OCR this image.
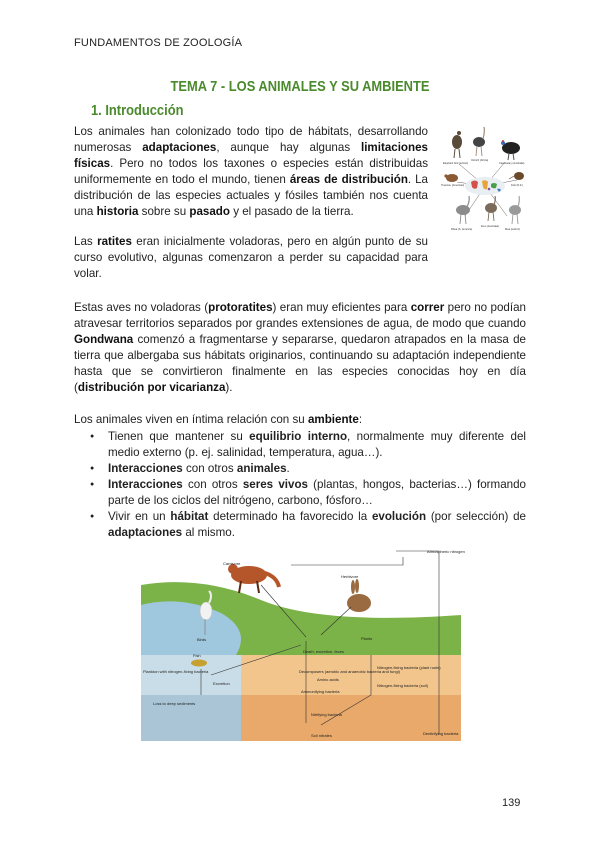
FUNDAMENTOS DE ZOOLOGÍA
TEMA 7 - LOS ANIMALES Y SU AMBIENTE
1. Introducción
Los animales han colonizado todo tipo de hábitats, desarrollando numerosas adaptaciones, aunque hay algunas limitaciones físicas. Pero no todos los taxones o especies están distribuidas uniformemente en todo el mundo, tienen áreas de distribución. La distribución de las especies actuales y fósiles también nos cuenta una historia sobre su pasado y el pasado de la tierra.
Las ratites eran inicialmente voladoras, pero en algún punto de su curso evolutivo, algunas comenzaron a perder su capacidad para volar.
Estas aves no voladoras (protoratites) eran muy eficientes para correr pero no podían atravesar territorios separados por grandes extensiones de agua, de modo que cuando Gondwana comenzó a fragmentarse y separarse, quedaron atrapados en la masa de tierra que albergaba sus hábitats originarios, continuando su adaptación independiente hasta que se convirtieron finalmente en las especies conocidas hoy en día (distribución por vicarianza).
Los animales viven en íntima relación con su ambiente:
● Tienen que mantener su equilibrio interno, normalmente muy diferente del medio externo (p. ej. salinidad, temperatura, agua…).
● Interacciones con otros animales.
● Interacciones con otros seres vivos (plantas, hongos, bacterias…) formando parte de los ciclos del nitrógeno, carbono, fósforo…
● Vivir en un hábitat determinado ha favorecido la evolución (por selección) de adaptaciones al mismo.
Elephant bird (extinct)
Ostrich (Africa)
Cassowary (Australia)
Tinamou (Americas)
Rhea (S. America)
Emu (Australia)
Kiwi (N.Z.)
Moa (extinct)
Carnivore
Herbivore
Atmospheric nitrogen
Birds
Fish
Plants
Plankton with nitrogen-fixing bacteria
Excretion
Loss to deep sediments
Death, excretion, feces
Decomposers (aerobic and anaerobic bacteria and fungi)
Amino acids
Ammonifying bacteria
Nitrifying bacteria
Soil nitrates
Nitrogen-fixing bacteria (plant roots)
Nitrogen-fixing bacteria (soil)
Denitrifying bacteria
139
